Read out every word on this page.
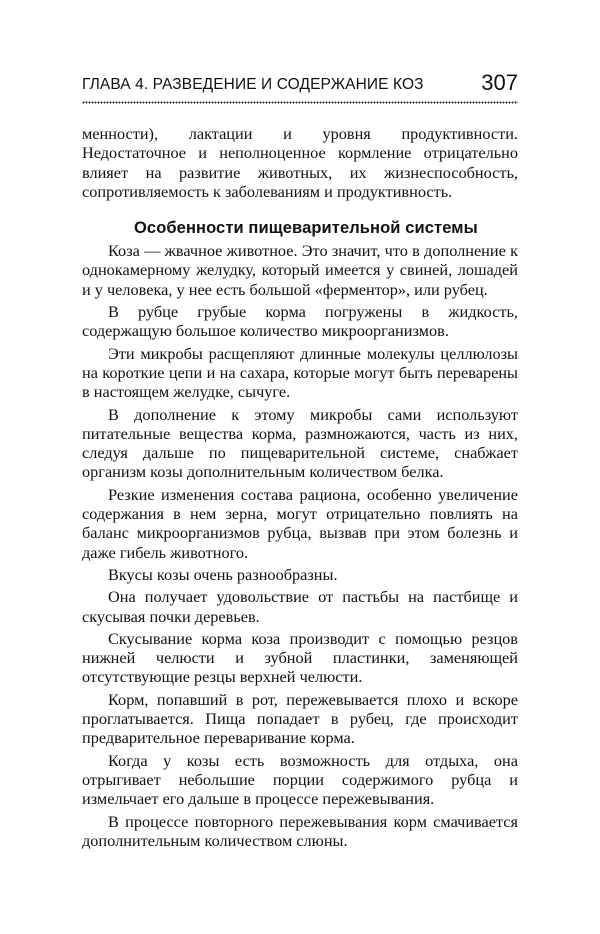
ГЛАВА 4. РАЗВЕДЕНИЕ И СОДЕРЖАНИЕ КОЗ	307

менности), лактации и уровня продуктивности. Недостаточное и неполноценное кормление отрицательно влияет на развитие животных, их жизнеспособность, сопротивляемость к заболеваниям и продуктивность.

Особенности пищеварительной системы

Коза — жвачное животное. Это значит, что в дополнение к однокамерному желудку, который имеется у свиней, лошадей и у человека, у нее есть большой «ферментор», или рубец.

В рубце грубые корма погружены в жидкость, содержащую большое количество микроорганизмов.

Эти микробы расщепляют длинные молекулы целлюлозы на короткие цепи и на сахара, которые могут быть переварены в настоящем желудке, сычуге.

В дополнение к этому микробы сами используют питательные вещества корма, размножаются, часть из них, следуя дальше по пищеварительной системе, снабжает организм козы дополнительным количеством белка.

Резкие изменения состава рациона, особенно увеличение содержания в нем зерна, могут отрицательно повлиять на баланс микроорганизмов рубца, вызвав при этом болезнь и даже гибель животного.

Вкусы козы очень разнообразны.

Она получает удовольствие от пастьбы на пастбище и скусывая почки деревьев.

Скусывание корма коза производит с помощью резцов нижней челюсти и зубной пластинки, заменяющей отсутствующие резцы верхней челюсти.

Корм, попавший в рот, пережевывается плохо и вскоре проглатывается. Пища попадает в рубец, где происходит предварительное переваривание корма.

Когда у козы есть возможность для отдыха, она отрыгивает небольшие порции содержимого рубца и измельчает его дальше в процессе пережевывания.

В процессе повторного пережевывания корм смачивается дополнительным количеством слюны.
